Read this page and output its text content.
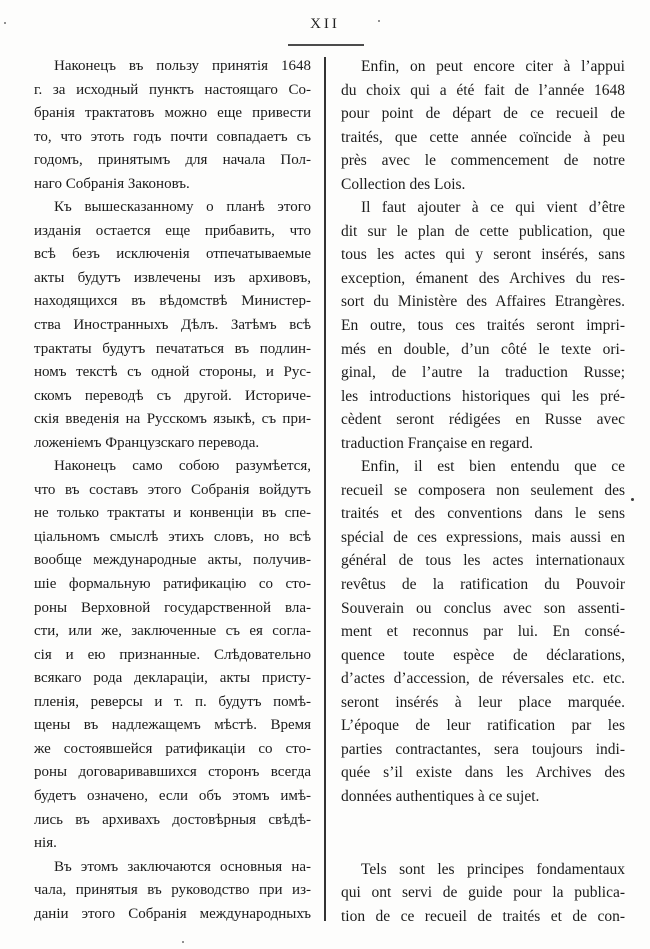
XII
Наконецъ въ пользу принятія 1648
г. за исходный пунктъ настоящаго Со-
бранія трактатовъ можно еще привести
то, что этоть годъ почти совпадаетъ съ
годомъ, принятымъ для начала Пол-
наго Собранія Законовъ.
Къ вышесказанному о планѣ этого
изданія остается еще прибавить, что
всѣ безъ исключенія отпечатываемые
акты будутъ извлечены изъ архивовъ,
находящихся въ вѣдомствѣ Министер-
ства Иностранныхъ Дѣлъ. Затѣмъ всѣ
трактаты будутъ печататься въ подлин-
номъ текстѣ съ одной стороны, и Рус-
скомъ переводѣ съ другой. Историче-
скія введенія на Русскомъ языкѣ, съ при-
ложеніемъ Французскаго перевода.
Наконецъ само собою разумѣется,
что въ составъ этого Собранія войдутъ
не только трактаты и конвенціи въ спе-
ціальномъ смыслѣ этихъ словъ, но всѣ
вообще международные акты, получив-
шіе формальную ратификацію со сто-
роны Верховной государственной вла-
сти, или же, заключенные съ ея согла-
сія и ею признанные. Слѣдовательно
всякаго рода деклараціи, акты присту-
пленія, реверсы и т. п. будутъ помѣ-
щены въ надлежащемъ мѣстѣ. Время
же состоявшейся ратификаціи со сто-
роны договаривавшихся сторонъ всегда
будетъ означено, если объ этомъ имѣ-
лись въ архивахъ достовѣрныя свѣдѣ-
нія.
Въ этомъ заключаются основныя на-
чала, принятыя въ руководство при из-
даніи этого Собранія международныхъ
Enfin, on peut encore citer à l’appui
du choix qui a été fait de l’année 1648
pour point de départ de ce recueil de
traités, que cette année coïncide à peu
près avec le commencement de notre
Collection des Lois.
Il faut ajouter à ce qui vient d’être
dit sur le plan de cette publication, que
tous les actes qui y seront insérés, sans
exception, émanent des Archives du res-
sort du Ministère des Affaires Etrangères.
En outre, tous ces traités seront impri-
més en double, d’un côté le texte ori-
ginal, de l’autre la traduction Russe;
les introductions historiques qui les pré-
cèdent seront rédigées en Russe avec
traduction Française en regard.
Enfin, il est bien entendu que ce
recueil se composera non seulement des
traités et des conventions dans le sens
spécial de ces expressions, mais aussi en
général de tous les actes internationaux
revêtus de la ratification du Pouvoir
Souverain ou conclus avec son assenti-
ment et reconnus par lui. En consé-
quence toute espèce de déclarations,
d’actes d’accession, de réversales etc. etc.
seront insérés à leur place marquée.
L’époque de leur ratification par les
parties contractantes, sera toujours indi-
quée s’il existe dans les Archives des
données authentiques à ce sujet.
Tels sont les principes fondamentaux
qui ont servi de guide pour la publica-
tion de ce recueil de traités et de con-
